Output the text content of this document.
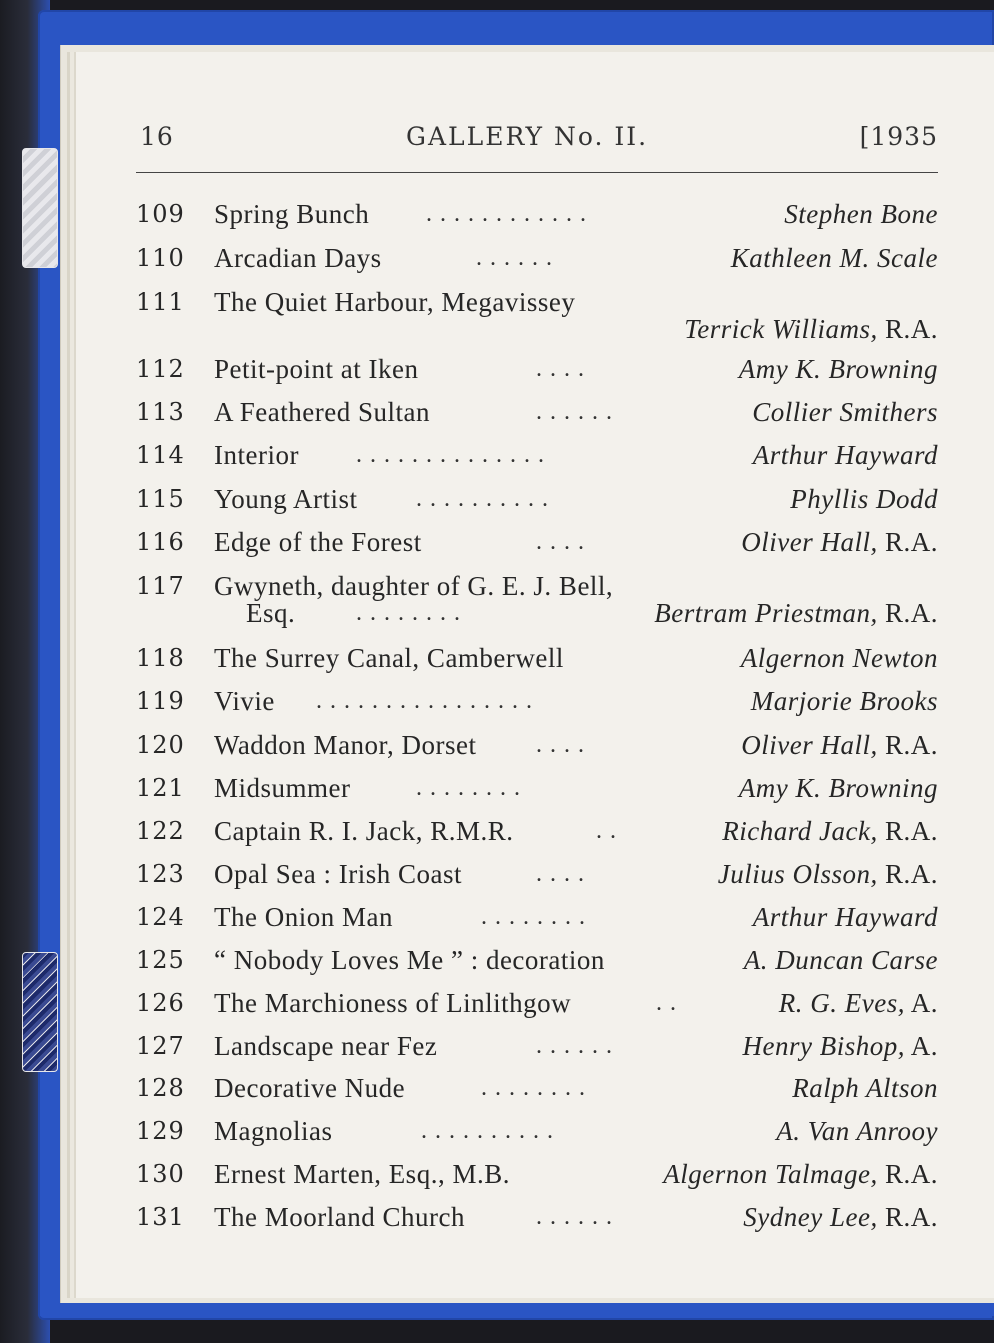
16	GALLERY No. II.	[1935
109	Spring Bunch . . . . . . . . . . . .	Stephen Bone
110	Arcadian Days	. . . . . .	Kathleen M. Scale
111	The Quiet Harbour, Megavissey
Terrick Williams, R.A.
112	Petit-point at Iken	. . . .	Amy K. Browning
113	A Feathered Sultan	. . . . . .	Collier Smithers
114	Interior . . . . . . . . . . . . . .	Arthur Hayward
115	Young Artist . . . . . . . . . .	Phyllis Dodd
116	Edge of the Forest	. . . .	Oliver Hall, R.A.
117	Gwyneth, daughter of G. E. J. Bell,
Esq.	. . . . . . . .	Bertram Priestman, R.A.
118	The Surrey Canal, Camberwell	Algernon Newton
119	Vivie . . . . . . . . . . . . . . . .	Marjorie Brooks
120	Waddon Manor, Dorset . . . .	Oliver Hall, R.A.
121	Midsummer	. . . . . . . .	Amy K. Browning
122	Captain R. I. Jack, R.M.R.	. .	Richard Jack, R.A.
123	Opal Sea : Irish Coast	. . . .	Julius Olsson, R.A.
124	The Onion Man	. . . . . . . .	Arthur Hayward
125	“ Nobody Loves Me ” : decoration	A. Duncan Carse
126	The Marchioness of Linlithgow	. .	R. G. Eves, A.
127	Landscape near Fez	. . . . . .	Henry Bishop, A.
128	Decorative Nude	. . . . . . . .	Ralph Altson
129	Magnolias	. . . . . . . . . .	A. Van Anrooy
130	Ernest Marten, Esq., M.B.	Algernon Talmage, R.A.
131	The Moorland Church	. . . . . .	Sydney Lee, R.A.
